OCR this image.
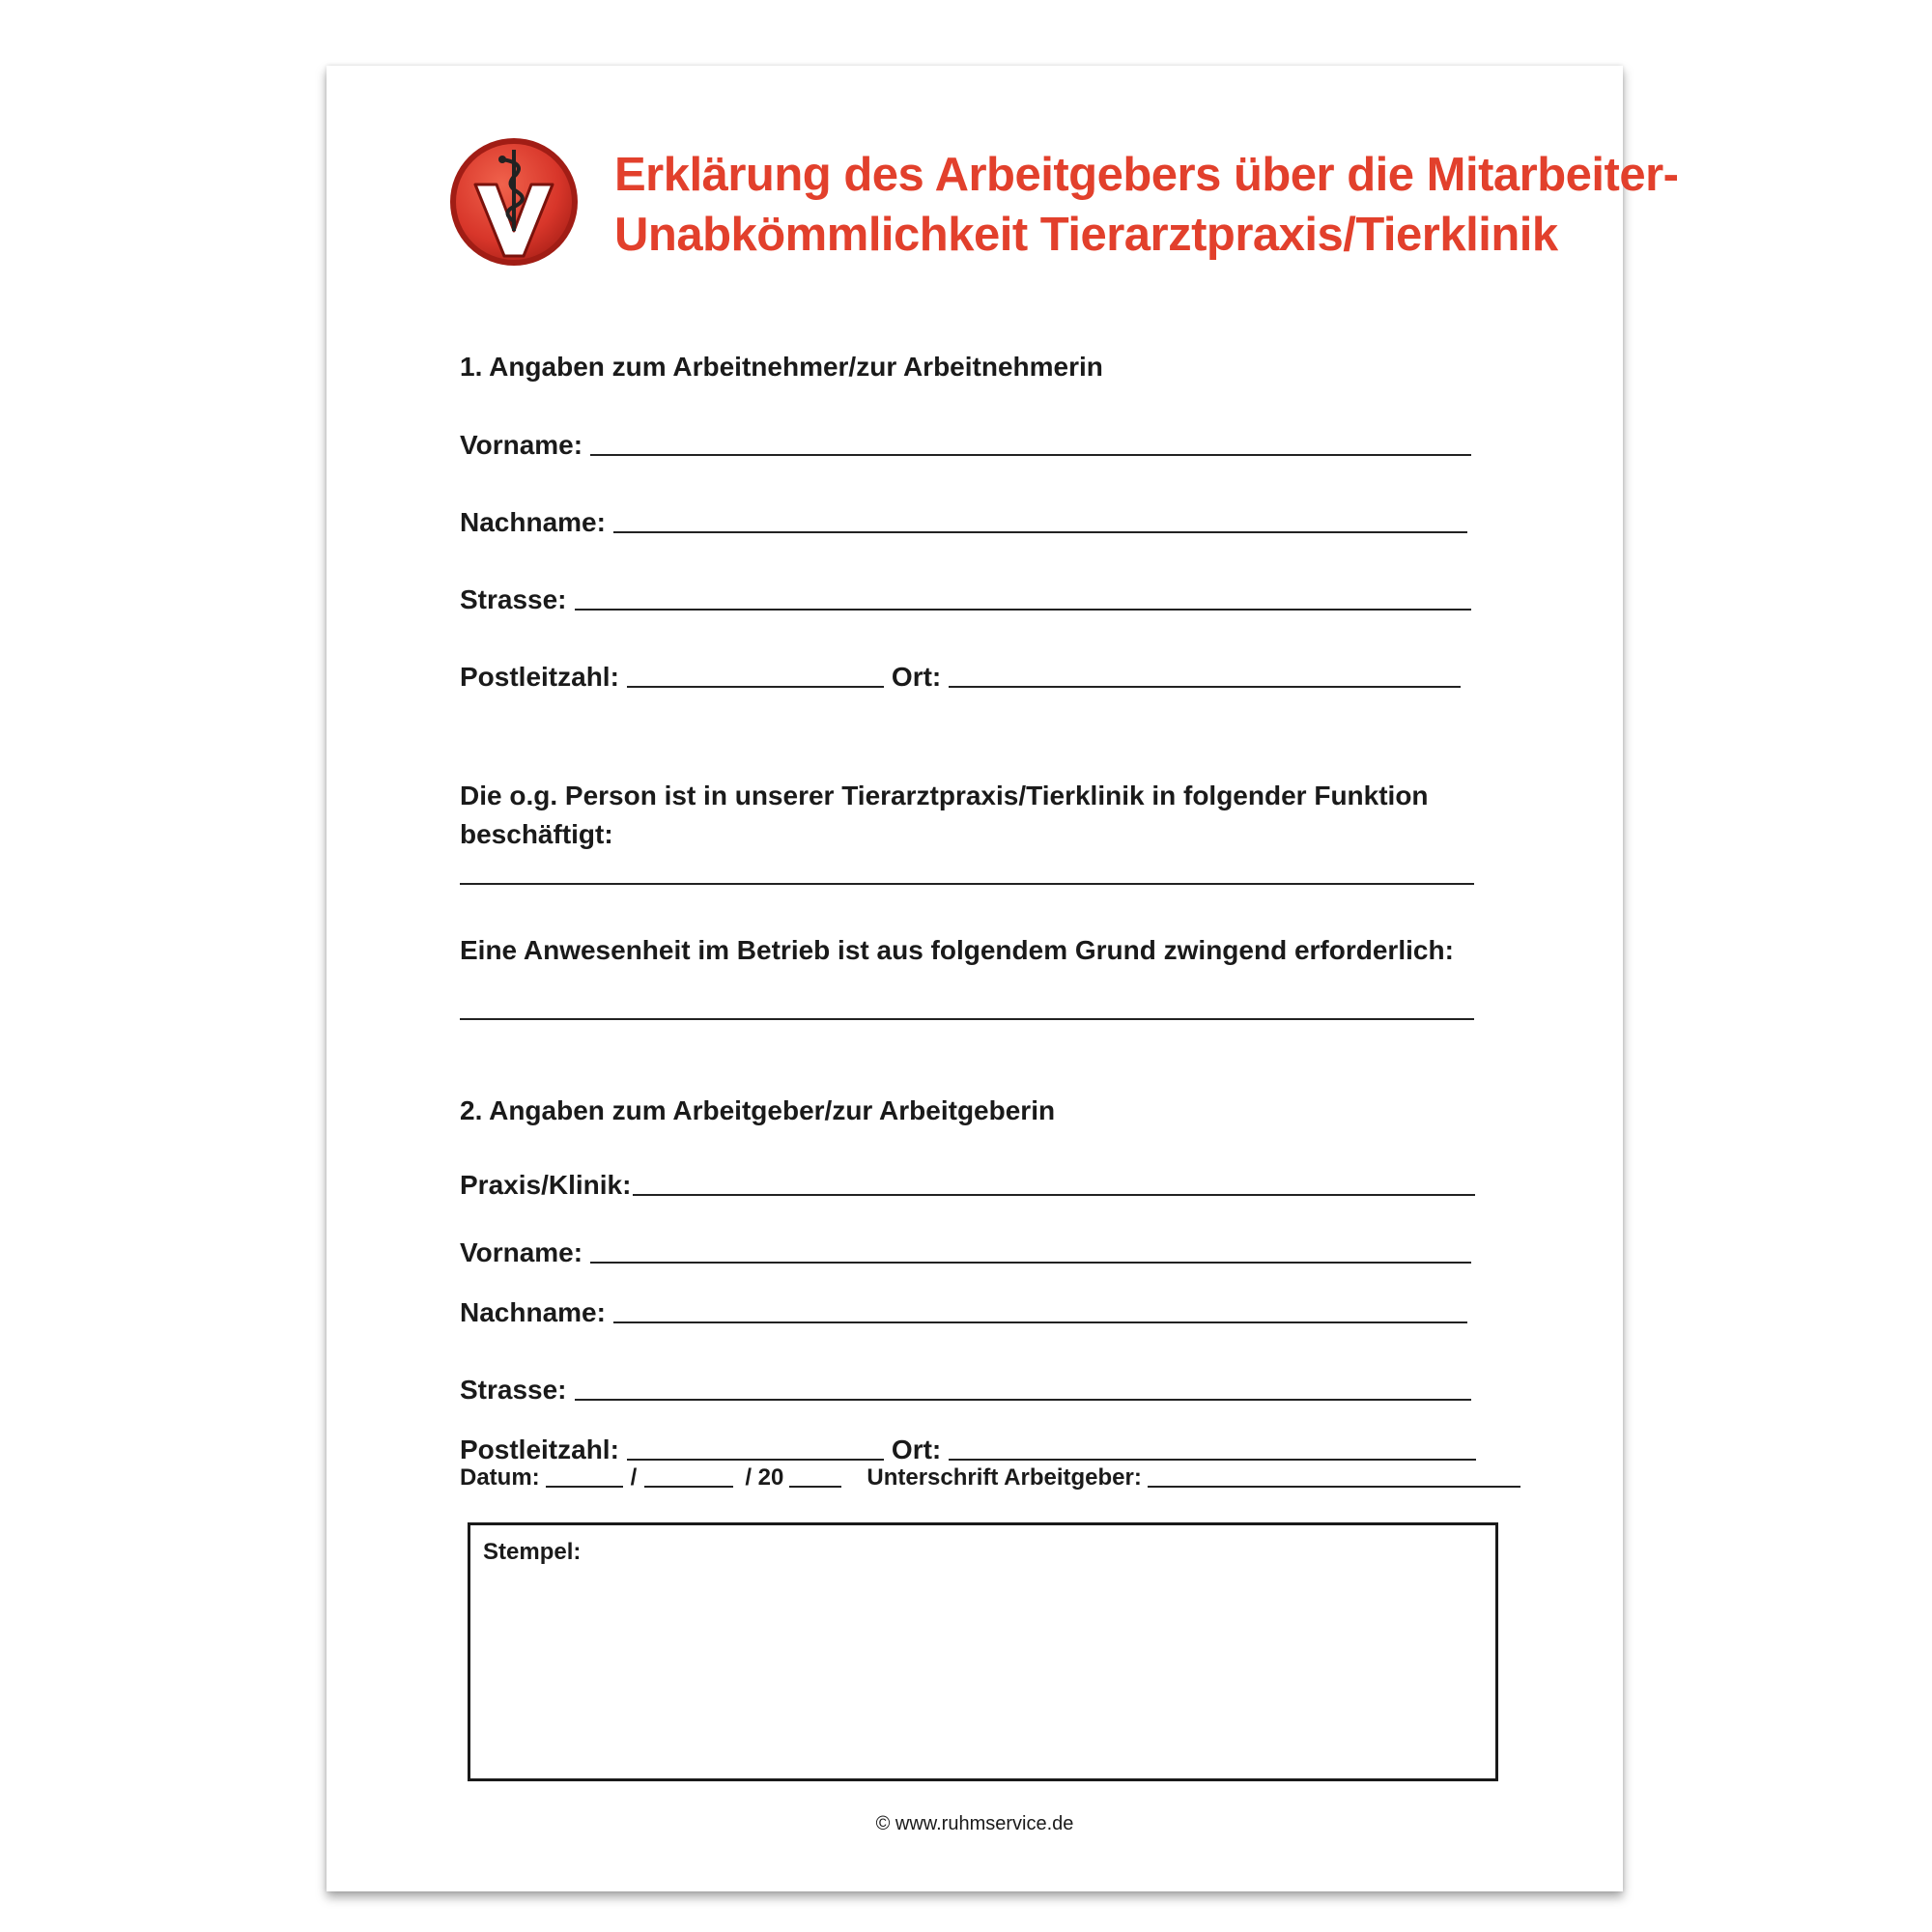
Erklärung des Arbeitgebers über die Mitarbeiter-
Unabkömmlichkeit Tierarztpraxis/Tierklinik
1. Angaben zum Arbeitnehmer/zur Arbeitnehmerin
Vorname:
Nachname:
Strasse:
Postleitzahl:	Ort:
Die o.g. Person ist in unserer Tierarztpraxis/Tierklinik in folgender Funktion beschäftigt:
Eine Anwesenheit im Betrieb ist aus folgendem Grund zwingend erforderlich:
2. Angaben zum Arbeitgeber/zur Arbeitgeberin
Praxis/Klinik:
Vorname:
Nachname:
Strasse:
Postleitzahl:	Ort:
Datum:	/	/ 20	Unterschrift Arbeitgeber:
Stempel:
© www.ruhmservice.de
